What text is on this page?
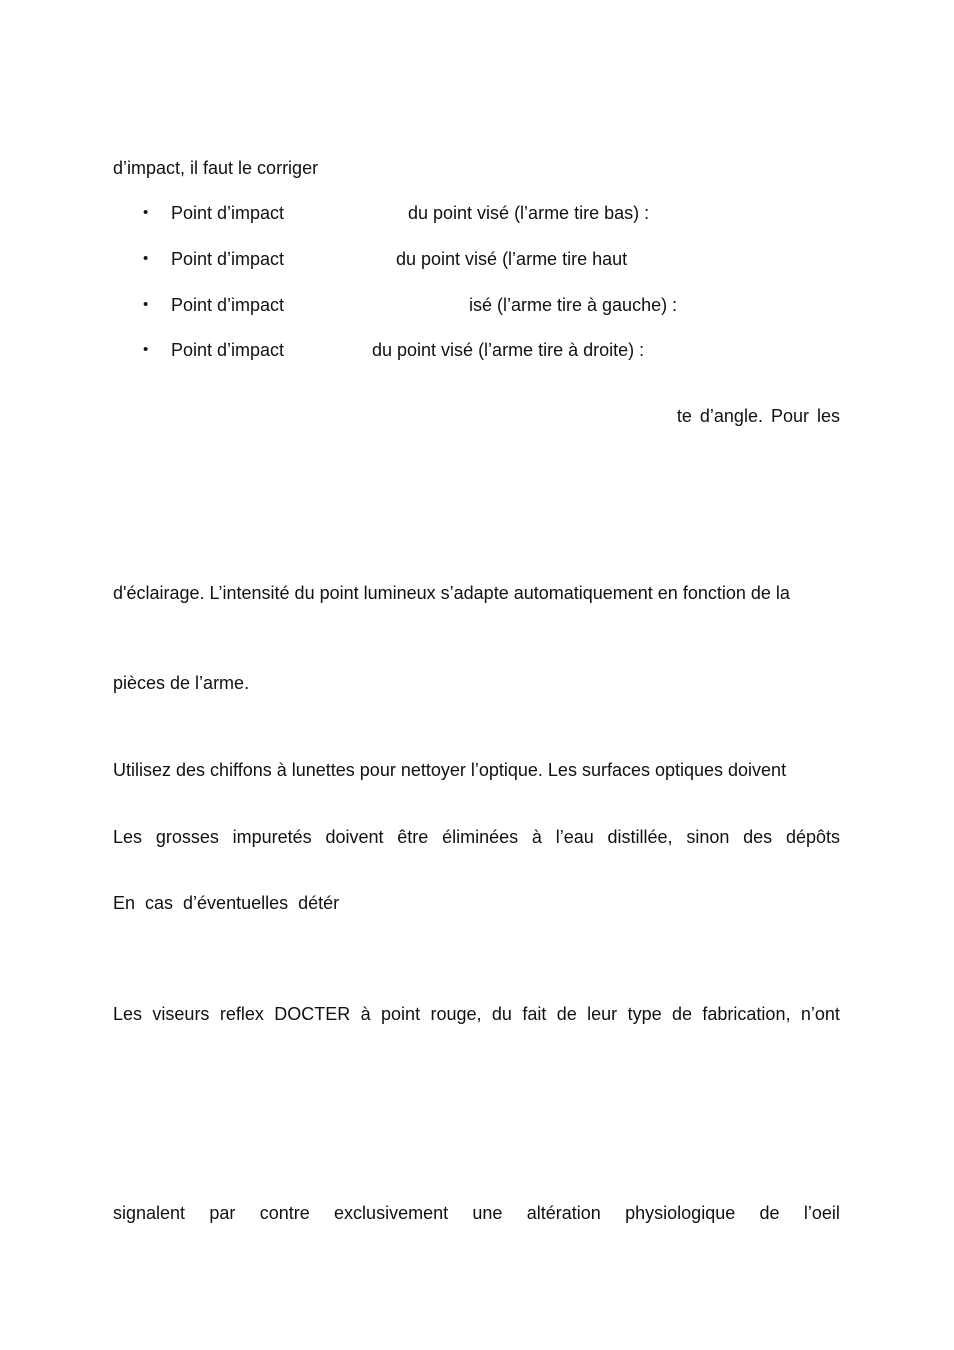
d’impact, il faut le corriger
• Point d’impact	du point visé (l’arme tire bas) :
• Point d’impact	du point visé (l’arme tire haut
• Point d’impact	isé (l’arme tire à gauche) :
• Point d’impact	du point visé (l’arme tire à droite) :
te d’angle. Pour les
d'éclairage. L’intensité du point lumineux s’adapte automatiquement en fonction de la
pièces de l’arme.
Utilisez des chiffons à lunettes pour nettoyer l’optique. Les surfaces optiques doivent
Les grosses impuretés doivent être éliminées à l’eau distillée, sinon des dépôts
En  cas  d’éventuelles  détér
Les viseurs reflex DOCTER à point rouge, du fait de leur type de fabrication, n’ont
signalent par contre exclusivement une altération physiologique de l’oeil
